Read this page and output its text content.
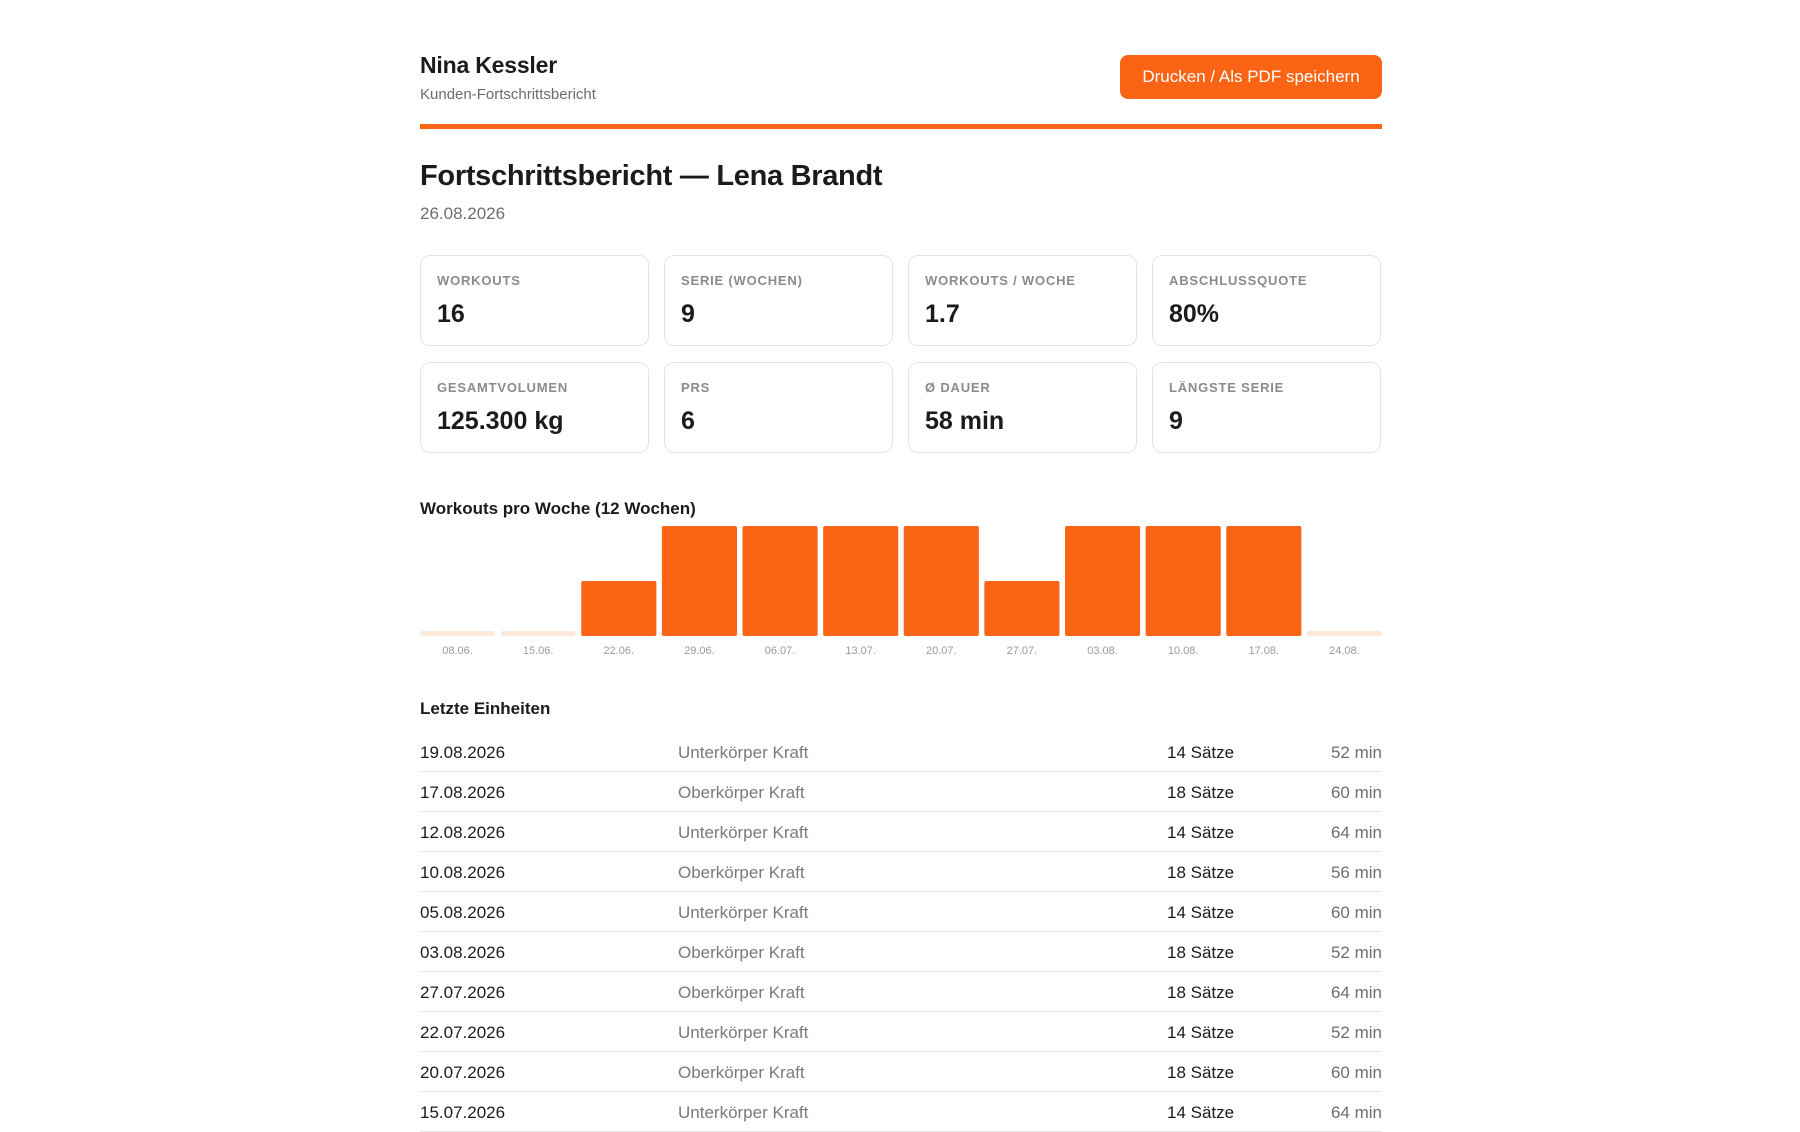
Nina Kessler
Kunden-Fortschrittsbericht
Drucken / Als PDF speichern
Fortschrittsbericht — Lena Brandt
26.08.2026
WORKOUTS
16
SERIE (WOCHEN)
9
WORKOUTS / WOCHE
1.7
ABSCHLUSSQUOTE
80%
GESAMTVOLUMEN
125.300 kg
PRS
6
Ø DAUER
58 min
LÄNGSTE SERIE
9
Workouts pro Woche (12 Wochen)
08.06.	15.06.	22.06.	29.06.	06.07.	13.07.	20.07.	27.07.	03.08.	10.08.	17.08.	24.08.
Letzte Einheiten
19.08.2026	Unterkörper Kraft	14 Sätze	52 min
17.08.2026	Oberkörper Kraft	18 Sätze	60 min
12.08.2026	Unterkörper Kraft	14 Sätze	64 min
10.08.2026	Oberkörper Kraft	18 Sätze	56 min
05.08.2026	Unterkörper Kraft	14 Sätze	60 min
03.08.2026	Oberkörper Kraft	18 Sätze	52 min
27.07.2026	Oberkörper Kraft	18 Sätze	64 min
22.07.2026	Unterkörper Kraft	14 Sätze	52 min
20.07.2026	Oberkörper Kraft	18 Sätze	60 min
15.07.2026	Unterkörper Kraft	14 Sätze	64 min
